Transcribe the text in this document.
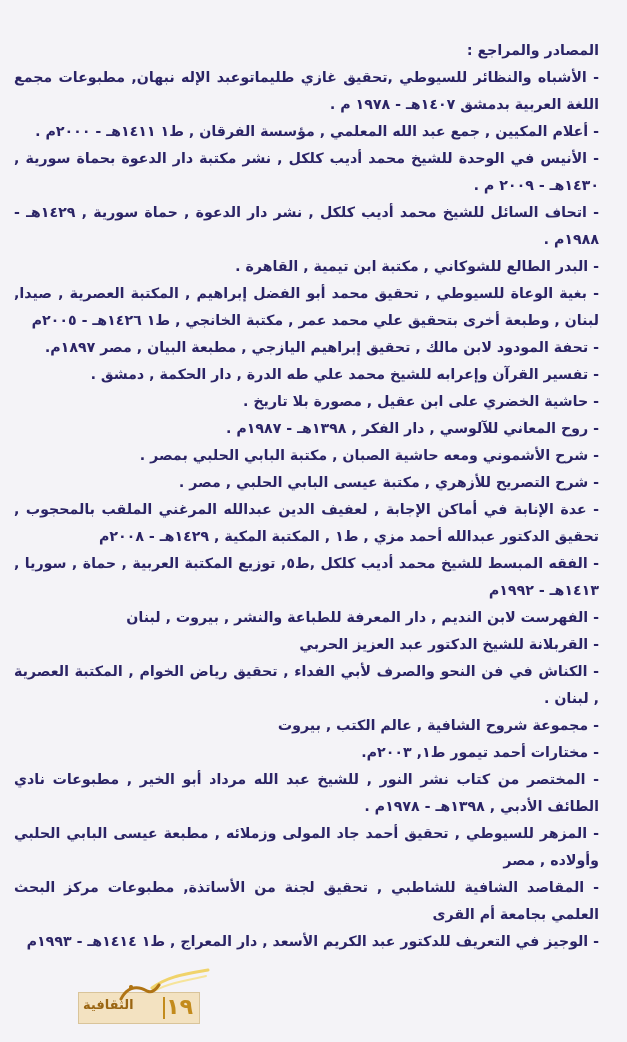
المصادر والمراجع :

- الأشباه والنظائر للسيوطي ,تحقيق غازي طليماتوعبد الإله نبهان, مطبوعات مجمع اللغة العربية بدمشق ١٤٠٧هـ - ١٩٧٨ م .

- أعلام المكيين , جمع عبد الله المعلمي , مؤسسة الفرقان , ط١ ١٤١١هـ - ٢٠٠٠م .

- الأنيس في الوحدة للشيخ محمد أديب كلكل , نشر مكتبة دار الدعوة بحماة سورية , ١٤٣٠هـ - ٢٠٠٩ م .

- اتحاف السائل للشيخ محمد أديب كلكل , نشر دار الدعوة , حماة سورية , ١٤٢٩هـ - ١٩٨٨م .

- البدر الطالع للشوكاني , مكتبة ابن تيمية , القاهرة .

- بغية الوعاة للسيوطي , تحقيق محمد أبو الفضل إبراهيم , المكتبة العصرية , صيدا, لبنان , وطبعة أخرى بتحقيق علي محمد عمر , مكتبة الخانجي , ط١ ١٤٢٦هـ - ٢٠٠٥م

- تحفة المودود لابن مالك , تحقيق إبراهيم اليازجي , مطبعة البيان , مصر ١٨٩٧م.

- تفسير القرآن وإعرابه للشيخ محمد علي طه الدرة , دار الحكمة , دمشق .

- حاشية الخضري على ابن عقيل , مصورة بلا تاريخ .

- روح المعاني للآلوسي , دار الفكر , ١٣٩٨هـ - ١٩٨٧م .

- شرح الأشموني ومعه حاشية الصبان , مكتبة البابي الحلبي بمصر .

- شرح التصريح للأزهري , مكتبة عيسى البابي الحلبي , مصر .

- عدة الإنابة في أماكن الإجابة , لعفيف الدين عبدالله المرغني الملقب بالمحجوب , تحقيق الدكتور عبدالله أحمد مزي , ط١ , المكتبة المكية , ١٤٢٩هـ - ٢٠٠٨م

- الفقه المبسط للشيخ محمد أديب كلكل ,ط٥, توزيع المكتبة العربية , حماة , سوريا , ١٤١٣هـ - ١٩٩٢م

- الفهرست لابن النديم , دار المعرفة للطباعة والنشر , بيروت , لبنان

- القربلانة للشيخ الدكتور عبد العزيز الحربي

- الكناش في فن النحو والصرف لأبي الفداء , تحقيق رياض الخوام , المكتبة العصرية , لبنان .

- مجموعة شروح الشافية , عالم الكتب , بيروت

- مختارات أحمد تيمور ط١, ٢٠٠٣م.

- المختصر من كتاب نشر النور , للشيخ عبد الله مرداد أبو الخير , مطبوعات نادي الطائف الأدبي , ١٣٩٨هـ - ١٩٧٨م .

- المزهر للسيوطي , تحقيق أحمد جاد المولى وزملائه , مطبعة عيسى البابي الحلبي وأولاده , مصر

- المقاصد الشافية للشاطبي , تحقيق لجنة من الأساتذة, مطبوعات مركز البحث العلمي بجامعة أم القرى

- الوجيز في التعريف للدكتور عبد الكريم الأسعد , دار المعراج , ط١ ١٤١٤هـ - ١٩٩٣م

الثقافية ١٩
